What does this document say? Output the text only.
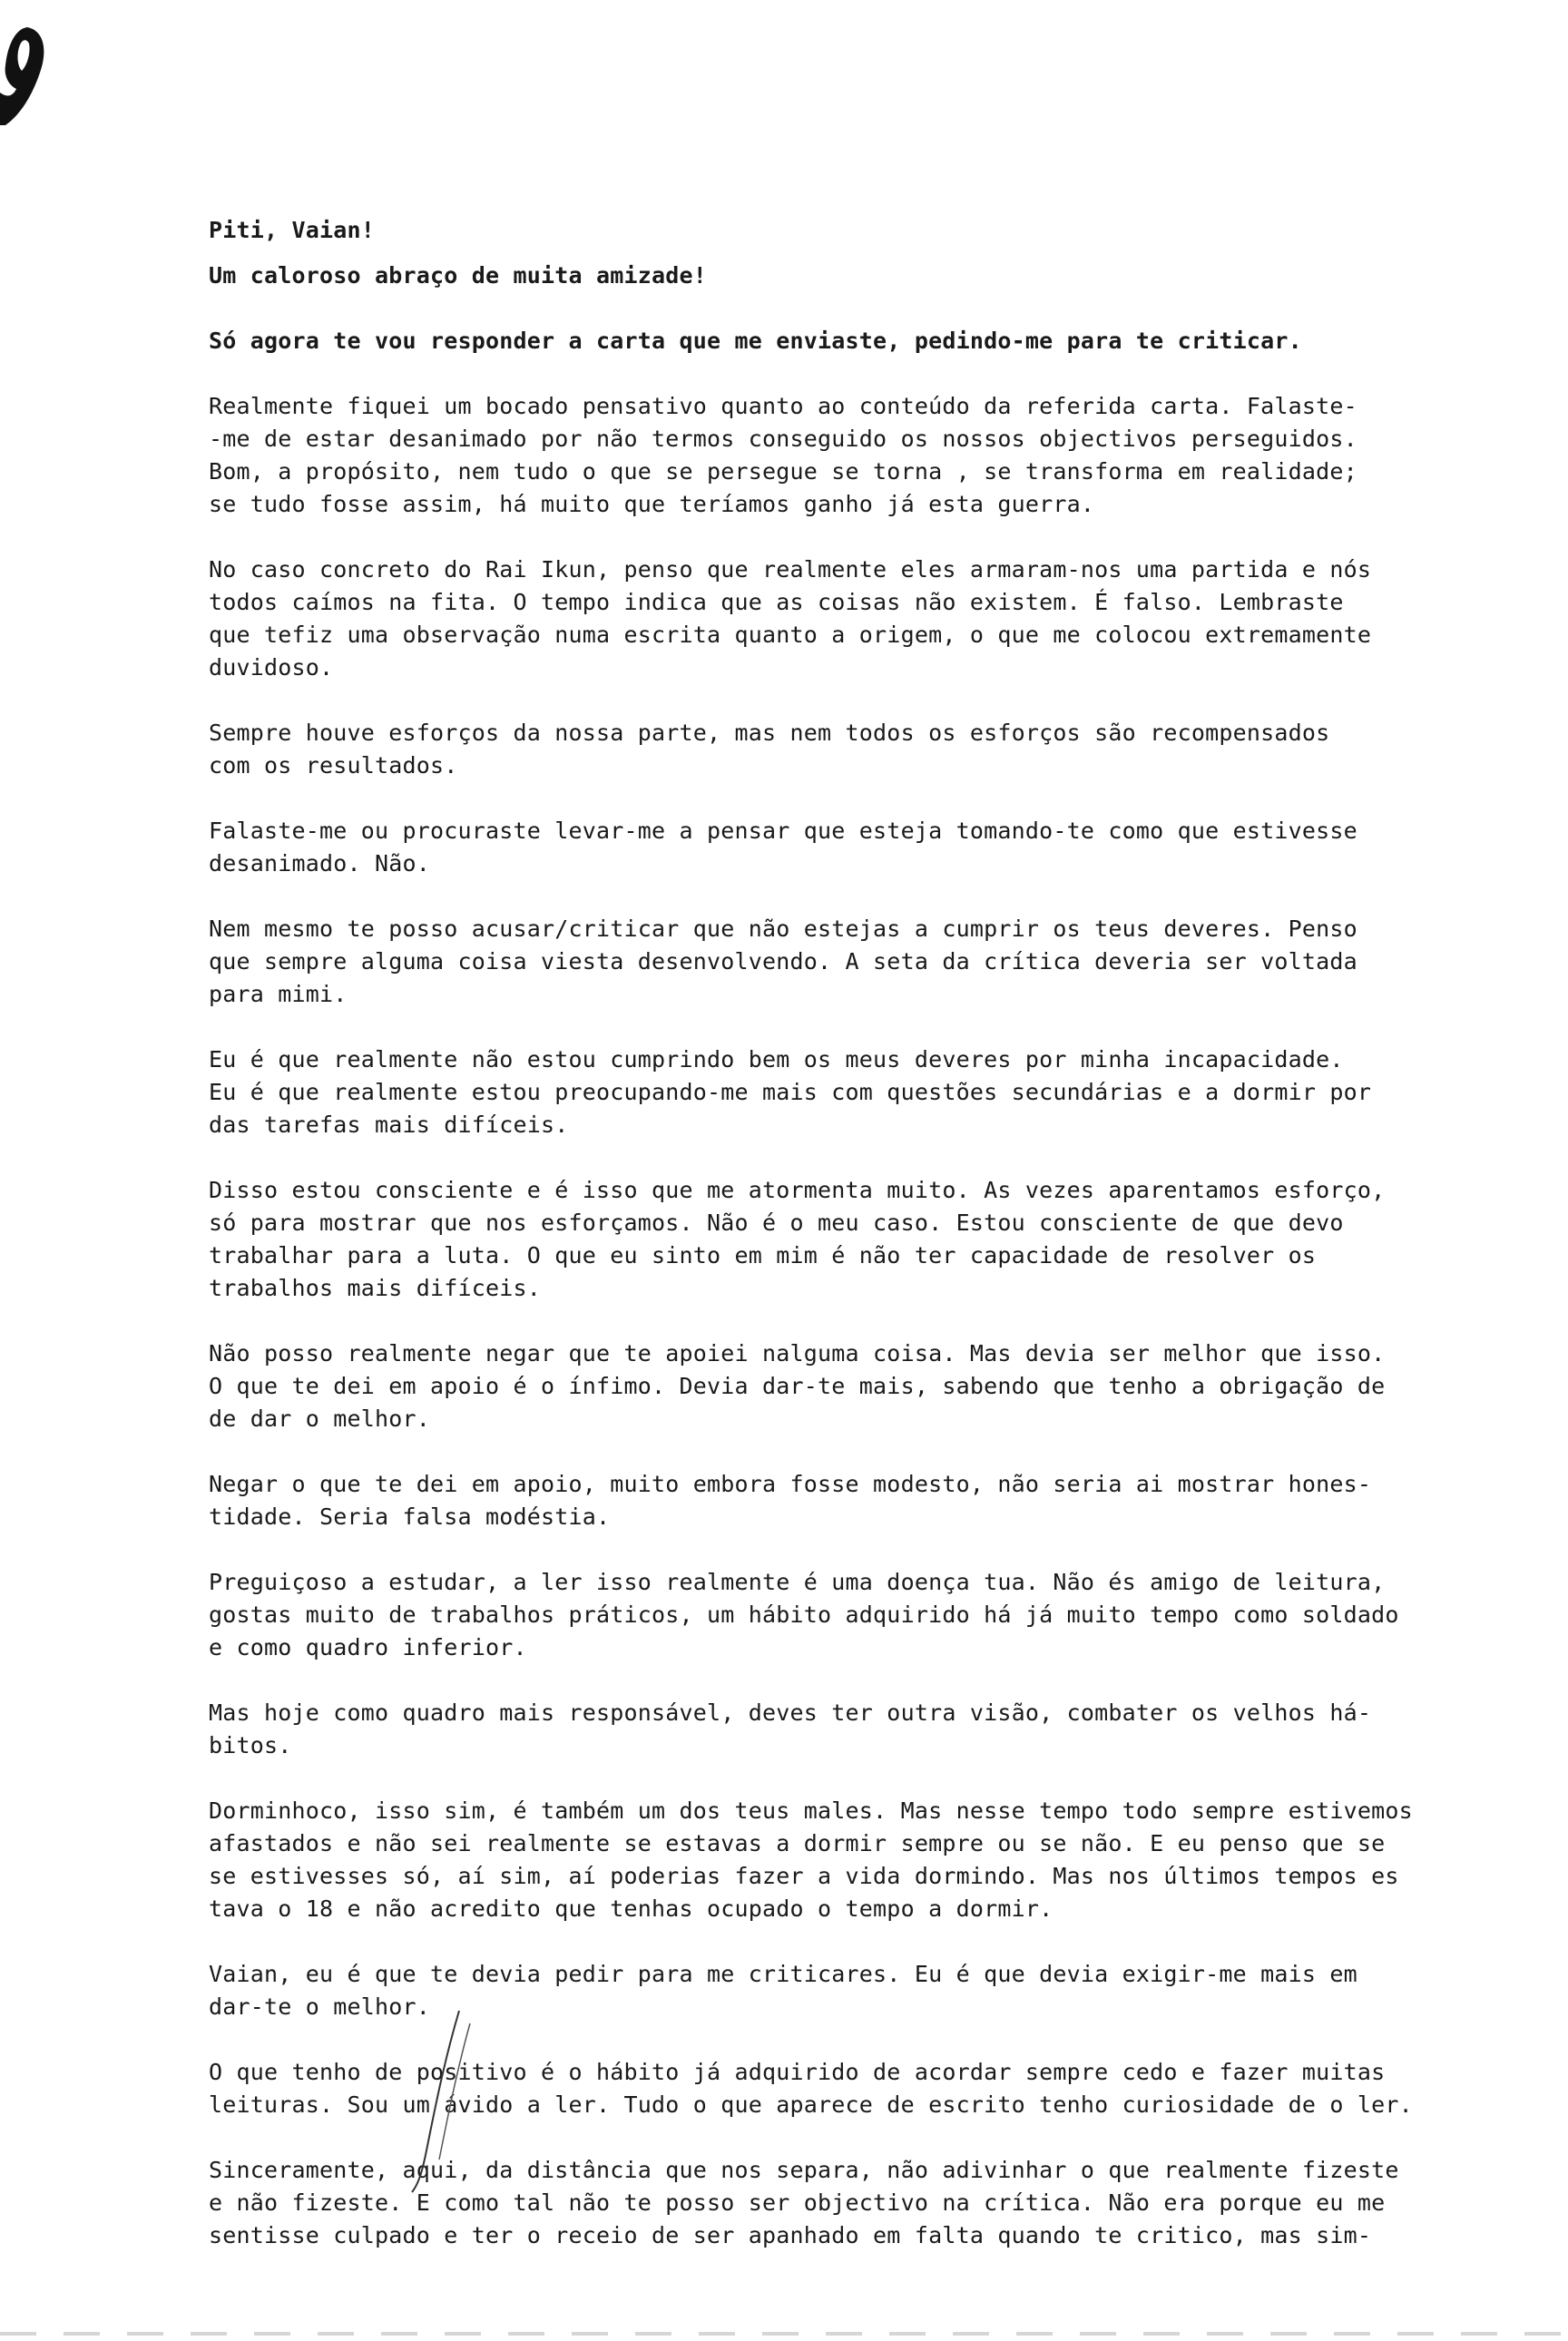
Piti, Vaian!
Um caloroso abraço de muita amizade!
Só agora te vou responder a carta que me enviaste, pedindo-me para te criticar.
Realmente fiquei um bocado pensativo quanto ao conteúdo da referida carta. Falaste-
-me de estar desanimado por não termos conseguido os nossos objectivos perseguidos.
Bom, a propósito, nem tudo o que se persegue se torna , se transforma em realidade;
se tudo fosse assim, há muito que teríamos ganho já esta guerra.
No caso concreto do Rai Ikun, penso que realmente eles armaram-nos uma partida e nós
todos caímos na fita. O tempo indica que as coisas não existem. É falso. Lembraste
que tefiz uma observação numa escrita quanto a origem, o que me colocou extremamente
duvidoso.
Sempre houve esforços da nossa parte, mas nem todos os esforços são recompensados
com os resultados.
Falaste-me ou procuraste levar-me a pensar que esteja tomando-te como que estivesse
desanimado. Não.
Nem mesmo te posso acusar/criticar que não estejas a cumprir os teus deveres. Penso
que sempre alguma coisa viesta desenvolvendo. A seta da crítica deveria ser voltada
para mimi.
Eu é que realmente não estou cumprindo bem os meus deveres por minha incapacidade.
Eu é que realmente estou preocupando-me mais com questões secundárias e a dormir por
das tarefas mais difíceis.
Disso estou consciente e é isso que me atormenta muito. As vezes aparentamos esforço,
só para mostrar que nos esforçamos. Não é o meu caso. Estou consciente de que devo
trabalhar para a luta. O que eu sinto em mim é não ter capacidade de resolver os
trabalhos mais difíceis.
Não posso realmente negar que te apoiei nalguma coisa. Mas devia ser melhor que isso.
O que te dei em apoio é o ínfimo. Devia dar-te mais, sabendo que tenho a obrigação de
de dar o melhor.
Negar o que te dei em apoio, muito embora fosse modesto, não seria ai mostrar hones-
tidade. Seria falsa modéstia.
Preguiçoso a estudar, a ler isso realmente é uma doença tua. Não és amigo de leitura,
gostas muito de trabalhos práticos, um hábito adquirido há já muito tempo como soldado
e como quadro inferior.
Mas hoje como quadro mais responsável, deves ter outra visão, combater os velhos há-
bitos.
Dorminhoco, isso sim, é também um dos teus males. Mas nesse tempo todo sempre estivemos
afastados e não sei realmente se estavas a dormir sempre ou se não. E eu penso que se
se estivesses só, aí sim, aí poderias fazer a vida dormindo. Mas nos últimos tempos es
tava o 18 e não acredito que tenhas ocupado o tempo a dormir.
Vaian, eu é que te devia pedir para me criticares. Eu é que devia exigir-me mais em
dar-te o melhor.
O que tenho de positivo é o hábito já adquirido de acordar sempre cedo e fazer muitas
leituras. Sou um ávido a ler. Tudo o que aparece de escrito tenho curiosidade de o ler.
Sinceramente, aqui, da distância que nos separa, não adivinhar o que realmente fizeste
e não fizeste. E como tal não te posso ser objectivo na crítica. Não era porque eu me
sentisse culpado e ter o receio de ser apanhado em falta quando te critico, mas sim-
